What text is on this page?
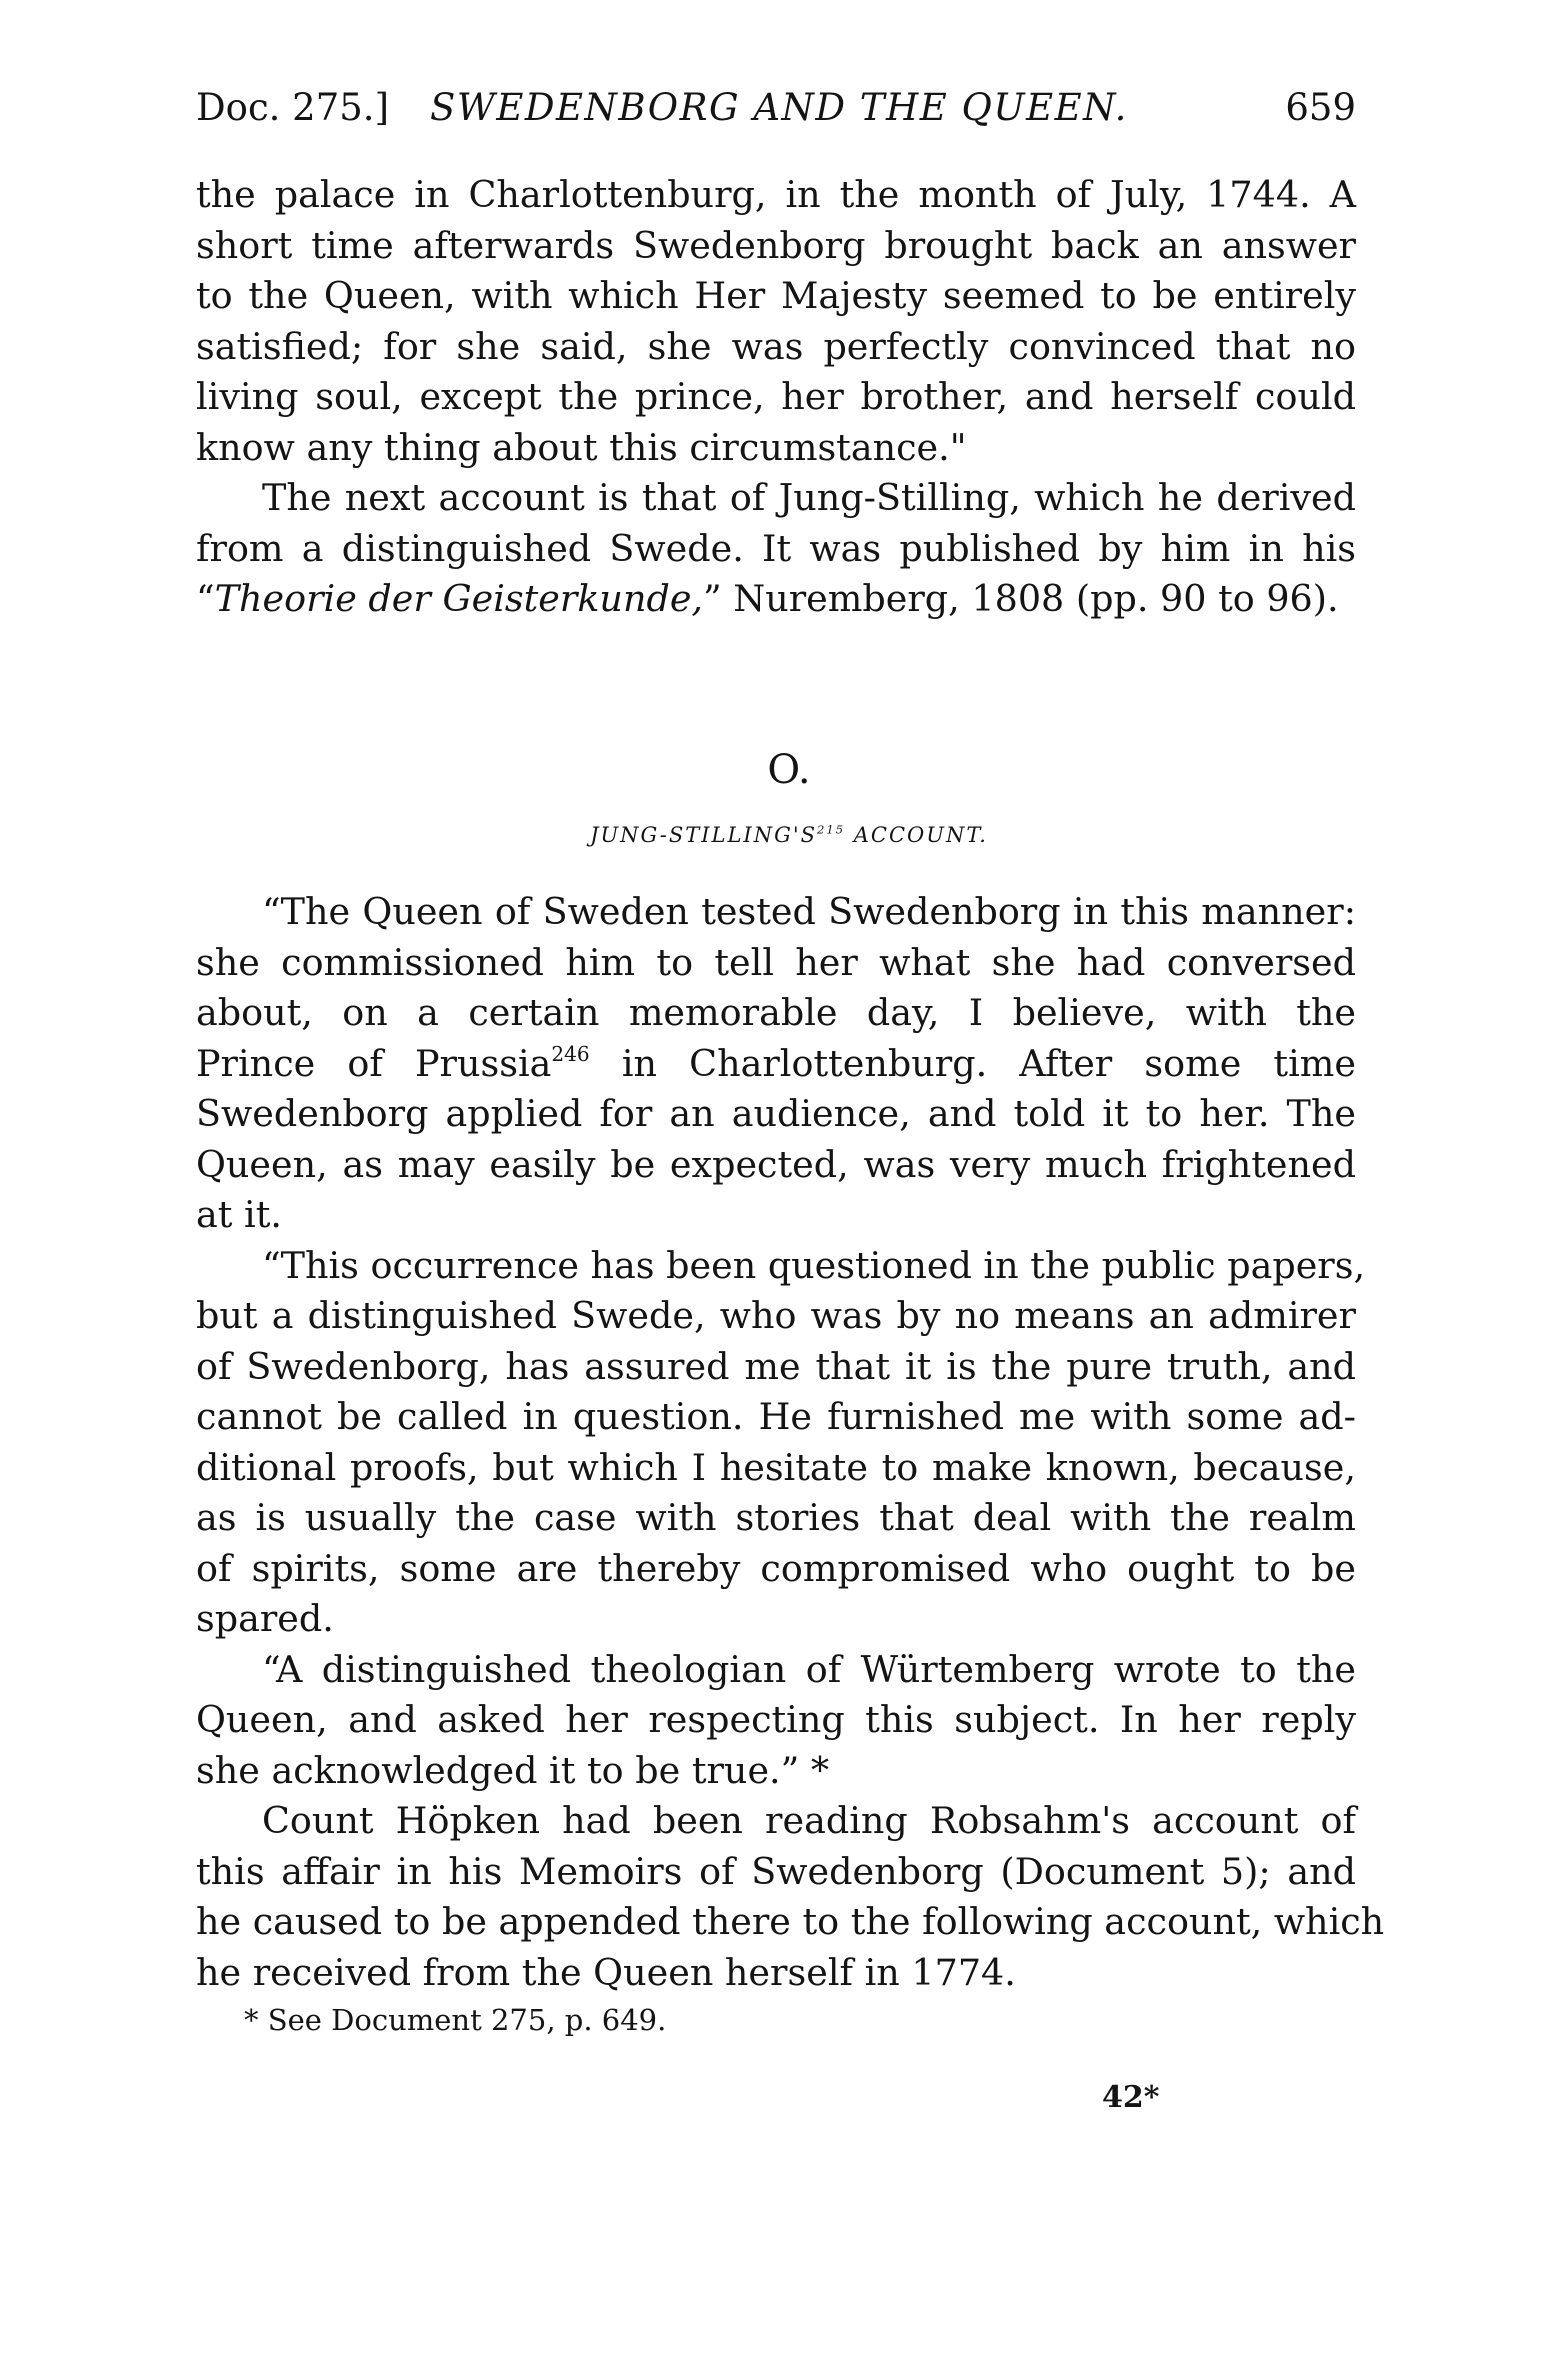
Doc. 275.] SWEDENBORG AND THE QUEEN.	659
the palace in Charlottenburg, in the month of July, 1744. A
short time afterwards Swedenborg brought back an answer
to the Queen, with which Her Majesty seemed to be entirely
satisfied; for she said, she was perfectly convinced that no
living soul, except the prince, her brother, and herself could
know any thing about this circumstance."
The next account is that of Jung-Stilling, which he derived
from a distinguished Swede. It was published by him in his
“Theorie der Geisterkunde,” Nuremberg, 1808 (pp. 90 to 96).
O.
JUNG-$STILLING'S^{215}$ ACCOUNT.
“The Queen of Sweden tested Swedenborg in this manner:
she commissioned him to tell her what she had conversed
about, on a certain memorable day, I believe, with the
Prince of Prussia$^{246}$ in Charlottenburg. After some time
Swedenborg applied for an audience, and told it to her. The
Queen, as may easily be expected, was very much frightened
at it.
“This occurrence has been questioned in the public papers,
but a distinguished Swede, who was by no means an admirer
of Swedenborg, has assured me that it is the pure truth, and
cannot be called in question. He furnished me with some ad-
ditional proofs, but which I hesitate to make known, because,
as is usually the case with stories that deal with the realm
of spirits, some are thereby compromised who ought to be
spared.
“A distinguished theologian of Würtemberg wrote to the
Queen, and asked her respecting this subject. In her reply
she acknowledged it to be true.” *
Count Höpken had been reading Robsahm's account of
this affair in his Memoirs of Swedenborg (Document 5); and
he caused to be appended there to the following account, which
he received from the Queen herself in 1774.
* See Document 275, p. 649.
42*
